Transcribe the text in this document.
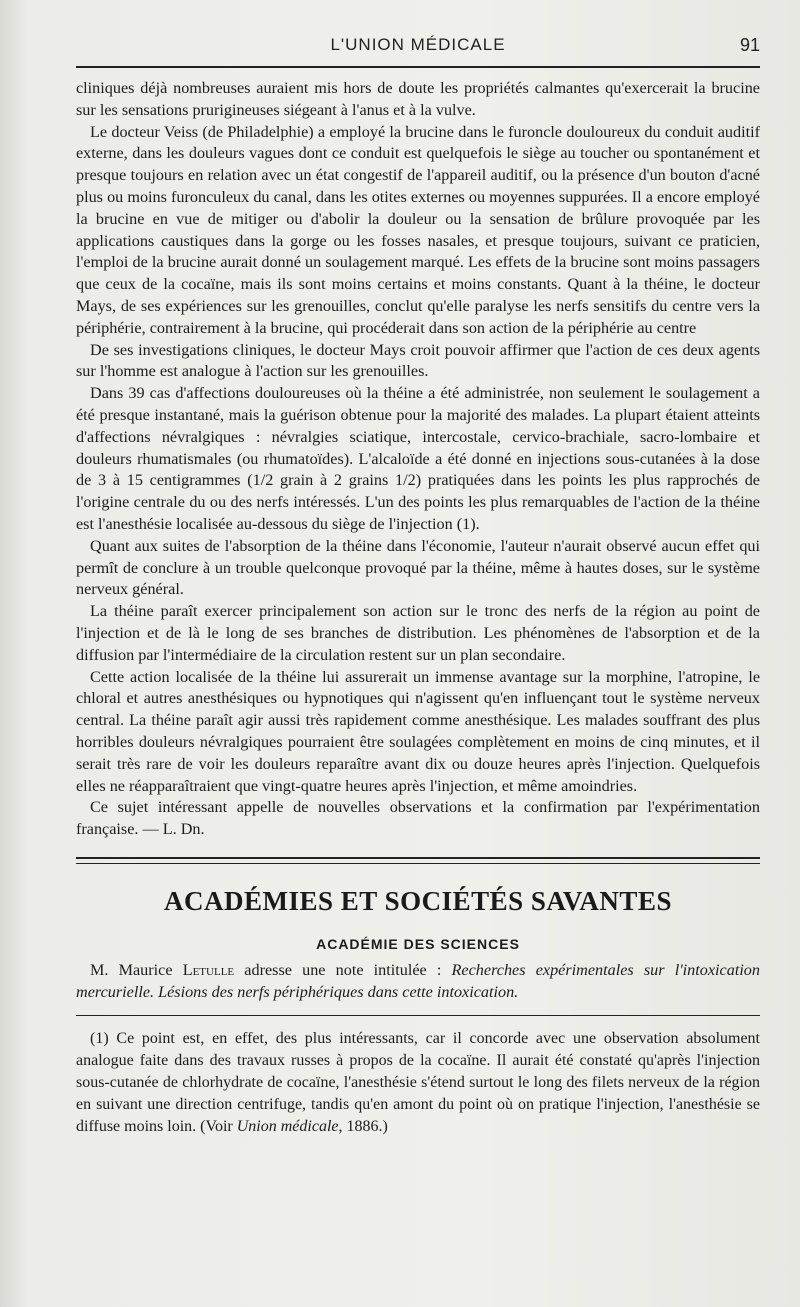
L'UNION MÉDICALE	91

cliniques déjà nombreuses auraient mis hors de doute les propriétés calmantes qu'exercerait la brucine sur les sensations prurigineuses siégeant à l'anus et à la vulve.

Le docteur Veiss (de Philadelphie) a employé la brucine dans le furoncle douloureux du conduit auditif externe, dans les douleurs vagues dont ce conduit est quelquefois le siège au toucher ou spontanément et presque toujours en relation avec un état congestif de l'appareil auditif, ou la présence d'un bouton d'acné plus ou moins furonculeux du canal, dans les otites externes ou moyennes suppurées. Il a encore employé la brucine en vue de mitiger ou d'abolir la douleur ou la sensation de brûlure provoquée par les applications caustiques dans la gorge ou les fosses nasales, et presque toujours, suivant ce praticien, l'emploi de la brucine aurait donné un soulagement marqué. Les effets de la brucine sont moins passagers que ceux de la cocaïne, mais ils sont moins certains et moins constants. Quant à la théine, le docteur Mays, de ses expériences sur les grenouilles, conclut qu'elle paralyse les nerfs sensitifs du centre vers la périphérie, contrairement à la brucine, qui procéderait dans son action de la périphérie au centre

De ses investigations cliniques, le docteur Mays croit pouvoir affirmer que l'action de ces deux agents sur l'homme est analogue à l'action sur les grenouilles.

Dans 39 cas d'affections douloureuses où la théine a été administrée, non seulement le soulagement a été presque instantané, mais la guérison obtenue pour la majorité des malades. La plupart étaient atteints d'affections névralgiques : névralgies sciatique, intercostale, cervico-brachiale, sacro-lombaire et douleurs rhumatismales (ou rhumatoïdes). L'alcaloïde a été donné en injections sous-cutanées à la dose de 3 à 15 centigrammes (1/2 grain à 2 grains 1/2) pratiquées dans les points les plus rapprochés de l'origine centrale du ou des nerfs intéressés. L'un des points les plus remarquables de l'action de la théine est l'anesthésie localisée au-dessous du siège de l'injection (1).

Quant aux suites de l'absorption de la théine dans l'économie, l'auteur n'aurait observé aucun effet qui permît de conclure à un trouble quelconque provoqué par la théine, même à hautes doses, sur le système nerveux général.

La théine paraît exercer principalement son action sur le tronc des nerfs de la région au point de l'injection et de là le long de ses branches de distribution. Les phénomènes de l'absorption et de la diffusion par l'intermédiaire de la circulation restent sur un plan secondaire.

Cette action localisée de la théine lui assurerait un immense avantage sur la morphine, l'atropine, le chloral et autres anesthésiques ou hypnotiques qui n'agissent qu'en influençant tout le système nerveux central. La théine paraît agir aussi très rapidement comme anesthésique. Les malades souffrant des plus horribles douleurs névralgiques pourraient être soulagées complètement en moins de cinq minutes, et il serait très rare de voir les douleurs reparaître avant dix ou douze heures après l'injection. Quelquefois elles ne réapparaîtraient que vingt-quatre heures après l'injection, et même amoindries.

Ce sujet intéressant appelle de nouvelles observations et la confirmation par l'expérimentation française. — L. Dn.

ACADÉMIES ET SOCIÉTÉS SAVANTES
ACADÉMIE DES SCIENCES

M. Maurice Letulle adresse une note intitulée : Recherches expérimentales sur l'intoxication mercurielle. Lésions des nerfs périphériques dans cette intoxication.

(1) Ce point est, en effet, des plus intéressants, car il concorde avec une observation absolument analogue faite dans des travaux russes à propos de la cocaïne. Il aurait été constaté qu'après l'injection sous-cutanée de chlorhydrate de cocaïne, l'anesthésie s'étend surtout le long des filets nerveux de la région en suivant une direction centrifuge, tandis qu'en amont du point où on pratique l'injection, l'anesthésie se diffuse moins loin. (Voir Union médicale, 1886.)
